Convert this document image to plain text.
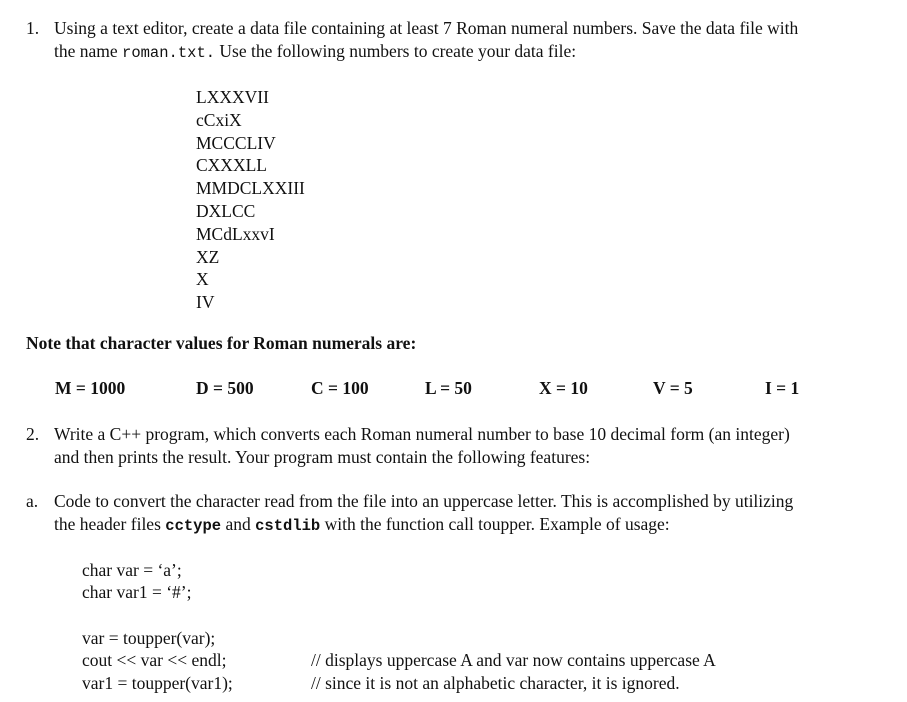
1. Using a text editor, create a data file containing at least 7 Roman numeral numbers. Save the data file with
the name roman.txt. Use the following numbers to create your data file:
LXXXVII
cCxiX
MCCCLIV
CXXXLL
MMDCLXXIII
DXLCC
MCdLxxvI
XZ
X
IV
Note that character values for Roman numerals are:
M = 1000	D = 500	C = 100	L = 50	X = 10	V = 5	I = 1
2. Write a C++ program, which converts each Roman numeral number to base 10 decimal form (an integer)
and then prints the result. Your program must contain the following features:
a. Code to convert the character read from the file into an uppercase letter. This is accomplished by utilizing
the header files cctype and cstdlib with the function call toupper. Example of usage:
char var = ‘a’;
char var1 = ‘#’;
var = toupper(var);
cout << var << endl;
var1 = toupper(var1);
// displays uppercase A and var now contains uppercase A
// since it is not an alphabetic character, it is ignored.
